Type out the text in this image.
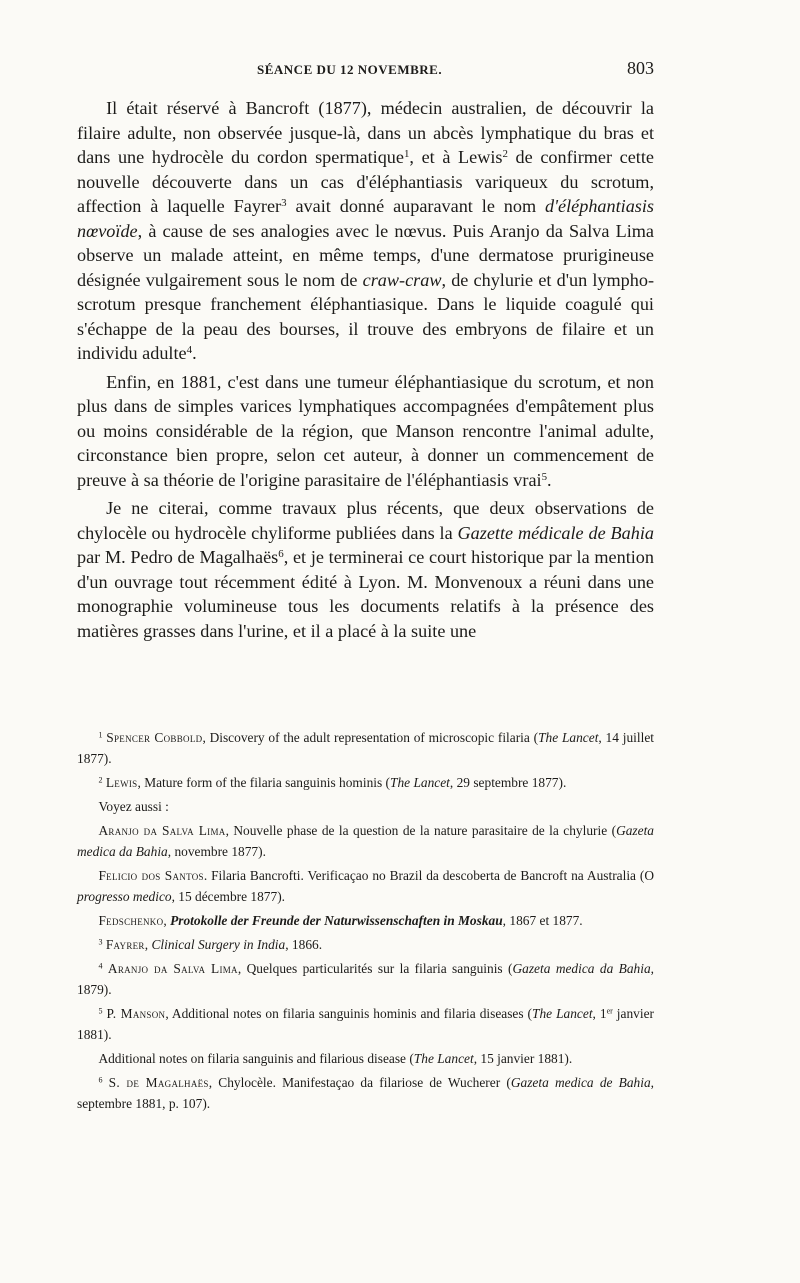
SÉANCE DU 12 NOVEMBRE.	803

Il était réservé à Bancroft (1877), médecin australien, de découvrir la filaire adulte, non observée jusque-là, dans un abcès lymphatique du bras et dans une hydrocèle du cordon spermatique$^1$, et à Lewis$^2$ de confirmer cette nouvelle découverte dans un cas d'éléphantiasis variqueux du scrotum, affection à laquelle Fayrer$^3$ avait donné auparavant le nom d'éléphantiasis nœvoïde, à cause de ses analogies avec le nœvus. Puis Aranjo da Salva Lima observe un malade atteint, en même temps, d'une dermatose prurigineuse désignée vulgairement sous le nom de craw-craw, de chylurie et d'un lympho-scrotum presque franchement éléphantiasique. Dans le liquide coagulé qui s'échappe de la peau des bourses, il trouve des embryons de filaire et un individu adulte$^4$.

Enfin, en 1881, c'est dans une tumeur éléphantiasique du scrotum, et non plus dans de simples varices lymphatiques accompagnées d'empâtement plus ou moins considérable de la région, que Manson rencontre l'animal adulte, circonstance bien propre, selon cet auteur, à donner un commencement de preuve à sa théorie de l'origine parasitaire de l'éléphantiasis vrai$^5$.

Je ne citerai, comme travaux plus récents, que deux observations de chylocèle ou hydrocèle chyliforme publiées dans la Gazette médicale de Bahia par M. Pedro de Magalhaës$^6$, et je terminerai ce court historique par la mention d'un ouvrage tout récemment édité à Lyon. M. Monvenoux a réuni dans une monographie volumineuse tous les documents relatifs à la présence des matières grasses dans l'urine, et il a placé à la suite une

$^1$ Spencer Cobbold, Discovery of the adult representation of microscopic filaria (The Lancet, 14 juillet 1877).

$^2$ Lewis, Mature form of the filaria sanguinis hominis (The Lancet, 29 septembre 1877).

Voyez aussi :

Aranjo da Salva Lima, Nouvelle phase de la question de la nature parasitaire de la chylurie (Gazeta medica da Bahia, novembre 1877).

Felicio dos Santos. Filaria Bancrofti. Verificaçao no Brazil da descoberta de Bancroft na Australia (O progresso medico, 15 décembre 1877).

Fedschenko, Protokolle der Freunde der Naturwissenschaften in Moskau, 1867 et 1877.

$^3$ Fayrer, Clinical Surgery in India, 1866.

$^4$ Aranjo da Salva Lima, Quelques particularités sur la filaria sanguinis (Gazeta medica da Bahia, 1879).

$^5$ P. Manson, Additional notes on filaria sanguinis hominis and filaria diseases (The Lancet, 1er janvier 1881).

Additional notes on filaria sanguinis and filarious disease (The Lancet, 15 janvier 1881).

$^6$ S. de Magalhaës, Chylocèle. Manifestaçao da filariose de Wucherer (Gazeta medica de Bahia, septembre 1881, p. 107).
